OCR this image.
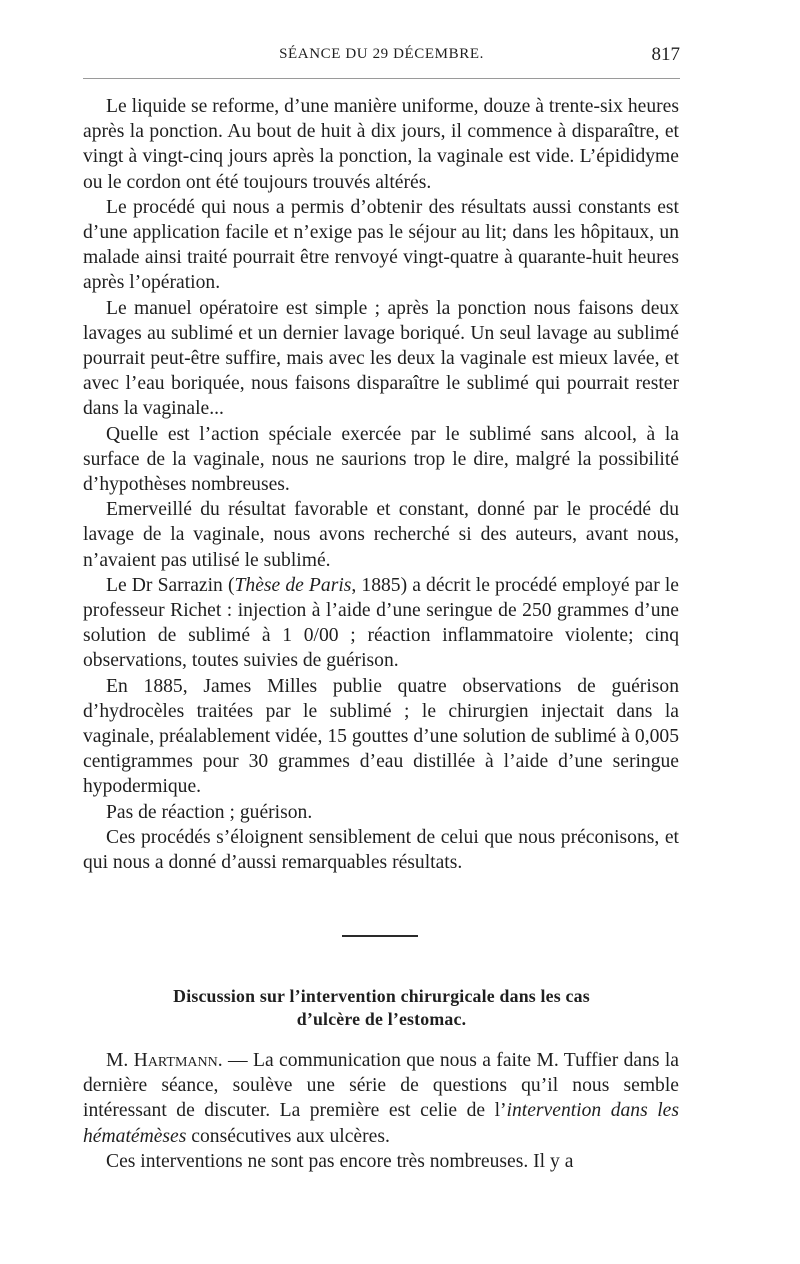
SÉANCE DU 29 DÉCEMBRE.	817

Le liquide se reforme, d’une manière uniforme, douze à trente-six heures après la ponction. Au bout de huit à dix jours, il commence à disparaître, et vingt à vingt-cinq jours après la ponction, la vaginale est vide. L’épididyme ou le cordon ont été toujours trouvés altérés.

Le procédé qui nous a permis d’obtenir des résultats aussi constants est d’une application facile et n’exige pas le séjour au lit; dans les hôpitaux, un malade ainsi traité pourrait être renvoyé vingt-quatre à quarante-huit heures après l’opération.

Le manuel opératoire est simple ; après la ponction nous faisons deux lavages au sublimé et un dernier lavage boriqué. Un seul lavage au sublimé pourrait peut-être suffire, mais avec les deux la vaginale est mieux lavée, et avec l’eau boriquée, nous faisons disparaître le sublimé qui pourrait rester dans la vaginale...

Quelle est l’action spéciale exercée par le sublimé sans alcool, à la surface de la vaginale, nous ne saurions trop le dire, malgré la possibilité d’hypothèses nombreuses.

Emerveillé du résultat favorable et constant, donné par le procédé du lavage de la vaginale, nous avons recherché si des auteurs, avant nous, n’avaient pas utilisé le sublimé.

Le Dr Sarrazin (Thèse de Paris, 1885) a décrit le procédé employé par le professeur Richet : injection à l’aide d’une seringue de 250 grammes d’une solution de sublimé à 1 0/00 ; réaction inflammatoire violente; cinq observations, toutes suivies de guérison.

En 1885, James Milles publie quatre observations de guérison d’hydrocèles traitées par le sublimé ; le chirurgien injectait dans la vaginale, préalablement vidée, 15 gouttes d’une solution de sublimé à 0,005 centigrammes pour 30 grammes d’eau distillée à l’aide d’une seringue hypodermique.

Pas de réaction ; guérison.

Ces procédés s’éloignent sensiblement de celui que nous préconisons, et qui nous a donné d’aussi remarquables résultats.

Discussion sur l’intervention chirurgicale dans les cas
d’ulcère de l’estomac.

M. Hartmann. — La communication que nous a faite M. Tuffier dans la dernière séance, soulève une série de questions qu’il nous semble intéressant de discuter. La première est celie de l’intervention dans les hématémèses consécutives aux ulcères.

Ces interventions ne sont pas encore très nombreuses. Il y a
